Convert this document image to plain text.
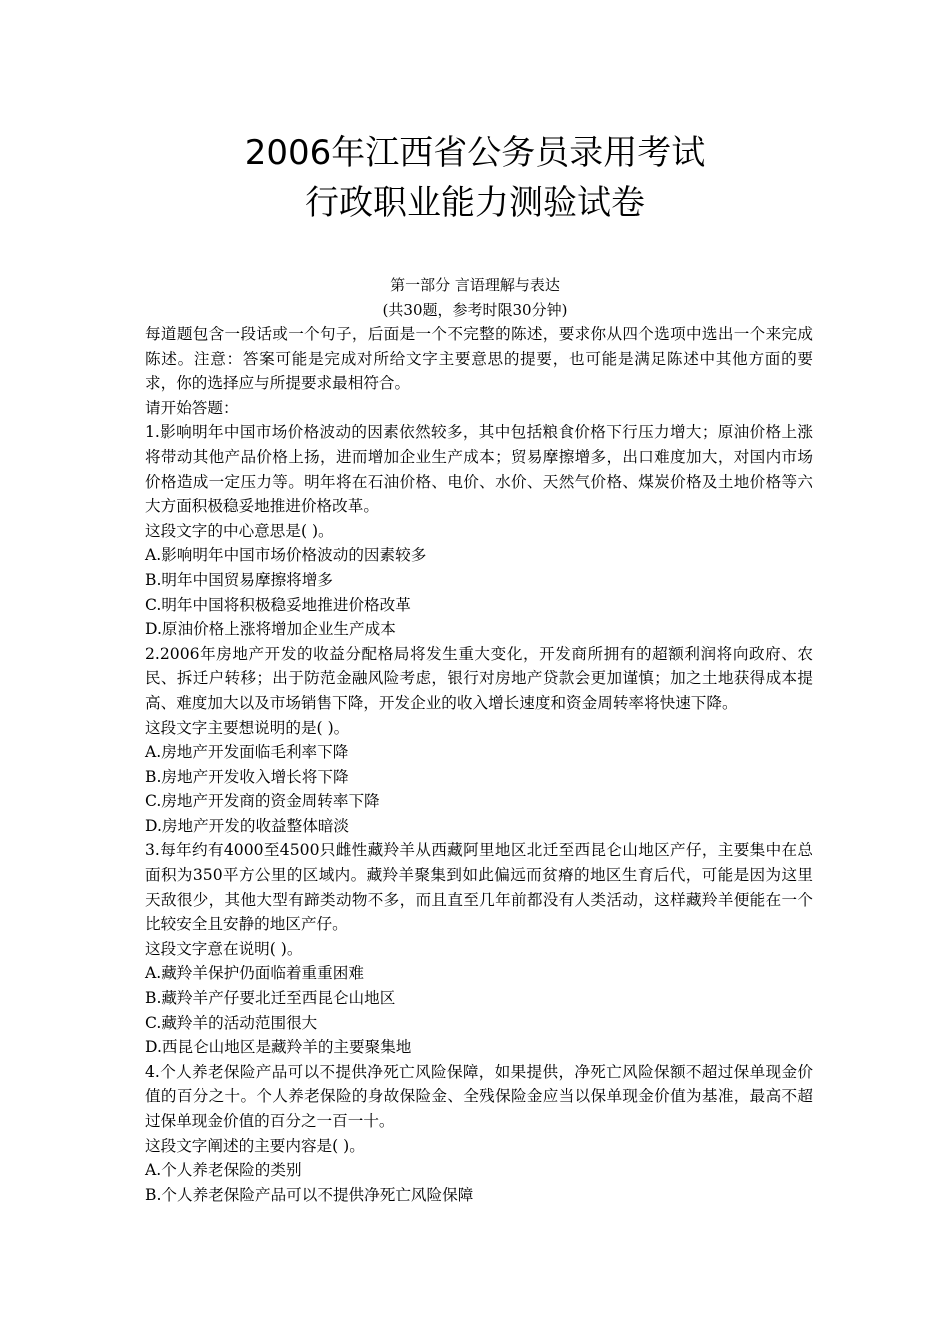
2006年江西省公务员录用考试
行政职业能力测验试卷
第一部分 言语理解与表达
(共30题，参考时限30分钟)

每道题包含一段话或一个句子，后面是一个不完整的陈述，要求你从四个选项中选出一个来完成陈述。注意：答案可能是完成对所给文字主要意思的提要，也可能是满足陈述中其他方面的要求，你的选择应与所提要求最相符合。

请开始答题：

1.影响明年中国市场价格波动的因素依然较多，其中包括粮食价格下行压力增大；原油价格上涨将带动其他产品价格上扬，进而增加企业生产成本；贸易摩擦增多，出口难度加大，对国内市场价格造成一定压力等。明年将在石油价格、电价、水价、天然气价格、煤炭价格及土地价格等六大方面积极稳妥地推进价格改革。

这段文字的中心意思是( )。

A.影响明年中国市场价格波动的因素较多

B.明年中国贸易摩擦将增多

C.明年中国将积极稳妥地推进价格改革

D.原油价格上涨将增加企业生产成本

2.2006年房地产开发的收益分配格局将发生重大变化，开发商所拥有的超额利润将向政府、农民、拆迁户转移；出于防范金融风险考虑，银行对房地产贷款会更加谨慎；加之土地获得成本提高、难度加大以及市场销售下降，开发企业的收入增长速度和资金周转率将快速下降。

这段文字主要想说明的是( )。

A.房地产开发面临毛利率下降

B.房地产开发收入增长将下降

C.房地产开发商的资金周转率下降

D.房地产开发的收益整体暗淡

3.每年约有4000至4500只雌性藏羚羊从西藏阿里地区北迁至西昆仑山地区产仔，主要集中在总面积为350平方公里的区域内。藏羚羊聚集到如此偏远而贫瘠的地区生育后代，可能是因为这里天敌很少，其他大型有蹄类动物不多，而且直至几年前都没有人类活动，这样藏羚羊便能在一个比较安全且安静的地区产仔。

这段文字意在说明( )。

A.藏羚羊保护仍面临着重重困难

B.藏羚羊产仔要北迁至西昆仑山地区

C.藏羚羊的活动范围很大

D.西昆仑山地区是藏羚羊的主要聚集地

4.个人养老保险产品可以不提供净死亡风险保障，如果提供，净死亡风险保额不超过保单现金价值的百分之十。个人养老保险的身故保险金、全残保险金应当以保单现金价值为基准，最高不超过保单现金价值的百分之一百一十。

这段文字阐述的主要内容是( )。

A.个人养老保险的类别

B.个人养老保险产品可以不提供净死亡风险保障
